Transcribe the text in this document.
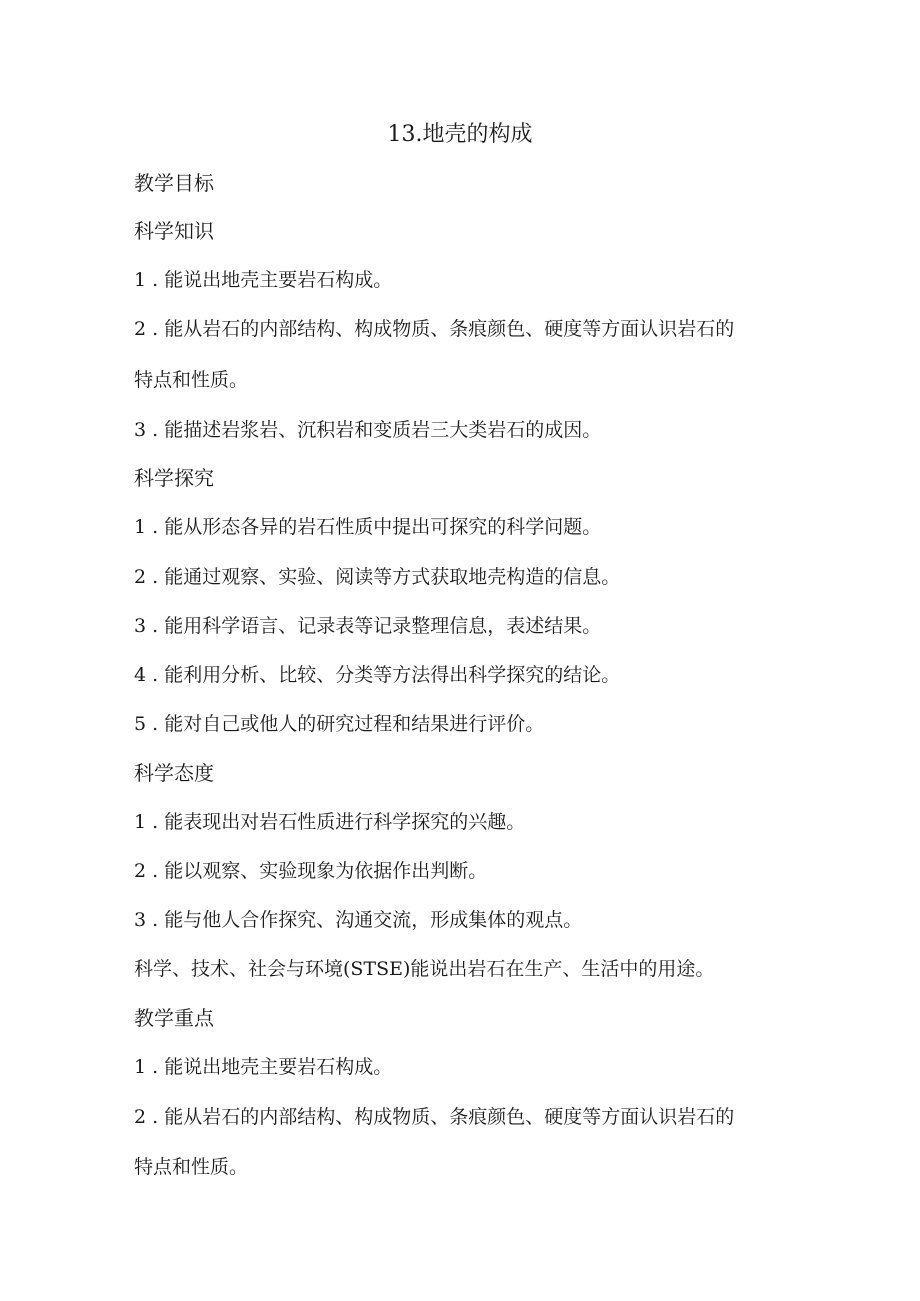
13.地壳的构成
教学目标
科学知识
1 . 能说出地壳主要岩石构成。
2 . 能从岩石的内部结构、构成物质、条痕颜色、硬度等方面认识岩石的
特点和性质。
3 . 能描述岩浆岩、沉积岩和变质岩三大类岩石的成因。
科学探究
1 . 能从形态各异的岩石性质中提出可探究的科学问题。
2 . 能通过观察、实验、阅读等方式获取地壳构造的信息。
3 . 能用科学语言、记录表等记录整理信息，表述结果。
4 . 能利用分析、比较、分类等方法得出科学探究的结论。
5 . 能对自己或他人的研究过程和结果进行评价。
科学态度
1 . 能表现出对岩石性质进行科学探究的兴趣。
2 . 能以观察、实验现象为依据作出判断。
3 . 能与他人合作探究、沟通交流，形成集体的观点。
科学、技术、社会与环境(STSE)能说出岩石在生产、生活中的用途。
教学重点
1 . 能说出地壳主要岩石构成。
2 . 能从岩石的内部结构、构成物质、条痕颜色、硬度等方面认识岩石的
特点和性质。
